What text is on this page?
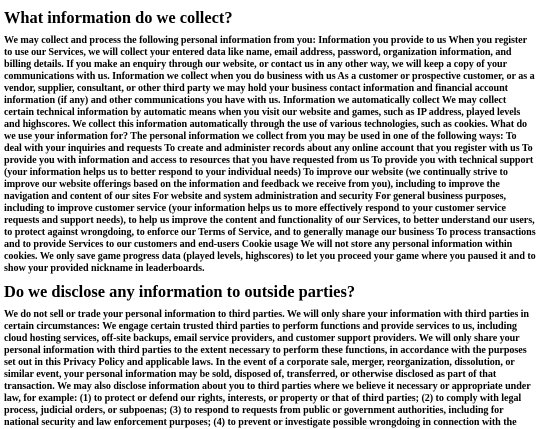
What information do we collect?

We may collect and process the following personal information from you: Information you provide to us When you register to use our Services, we will collect your entered data like name, email address, password, organization information, and billing details. If you make an enquiry through our website, or contact us in any other way, we will keep a copy of your communications with us. Information we collect when you do business with us As a customer or prospective customer, or as a vendor, supplier, consultant, or other third party we may hold your business contact information and financial account information (if any) and other communications you have with us. Information we automatically collect We may collect certain technical information by automatic means when you visit our website and games, such as IP address, played levels and highscores. We collect this information automatically through the use of various technologies, such as cookies. What do we use your information for? The personal information we collect from you may be used in one of the following ways: To deal with your inquiries and requests To create and administer records about any online account that you register with us To provide you with information and access to resources that you have requested from us To provide you with technical support (your information helps us to better respond to your individual needs) To improve our website (we continually strive to improve our website offerings based on the information and feedback we receive from you), including to improve the navigation and content of our sites For website and system administration and security For general business purposes, including to improve customer service (your information helps us to more effectively respond to your customer service requests and support needs), to help us improve the content and functionality of our Services, to better understand our users, to protect against wrongdoing, to enforce our Terms of Service, and to generally manage our business To process transactions and to provide Services to our customers and end-users Cookie usage We will not store any personal information within cookies. We only save game progress data (played levels, highscores) to let you proceed your game where you paused it and to show your provided nickname in leaderboards.

Do we disclose any information to outside parties?

We do not sell or trade your personal information to third parties. We will only share your information with third parties in certain circumstances: We engage certain trusted third parties to perform functions and provide services to us, including cloud hosting services, off-site backups, email service providers, and customer support providers. We will only share your personal information with third parties to the extent necessary to perform these functions, in accordance with the purposes set out in this Privacy Policy and applicable laws. In the event of a corporate sale, merger, reorganization, dissolution, or similar event, your personal information may be sold, disposed of, transferred, or otherwise disclosed as part of that transaction. We may also disclose information about you to third parties where we believe it necessary or appropriate under law, for example: (1) to protect or defend our rights, interests, or property or that of third parties; (2) to comply with legal process, judicial orders, or subpoenas; (3) to respond to requests from public or government authorities, including for national security and law enforcement purposes; (4) to prevent or investigate possible wrongdoing in connection with the
